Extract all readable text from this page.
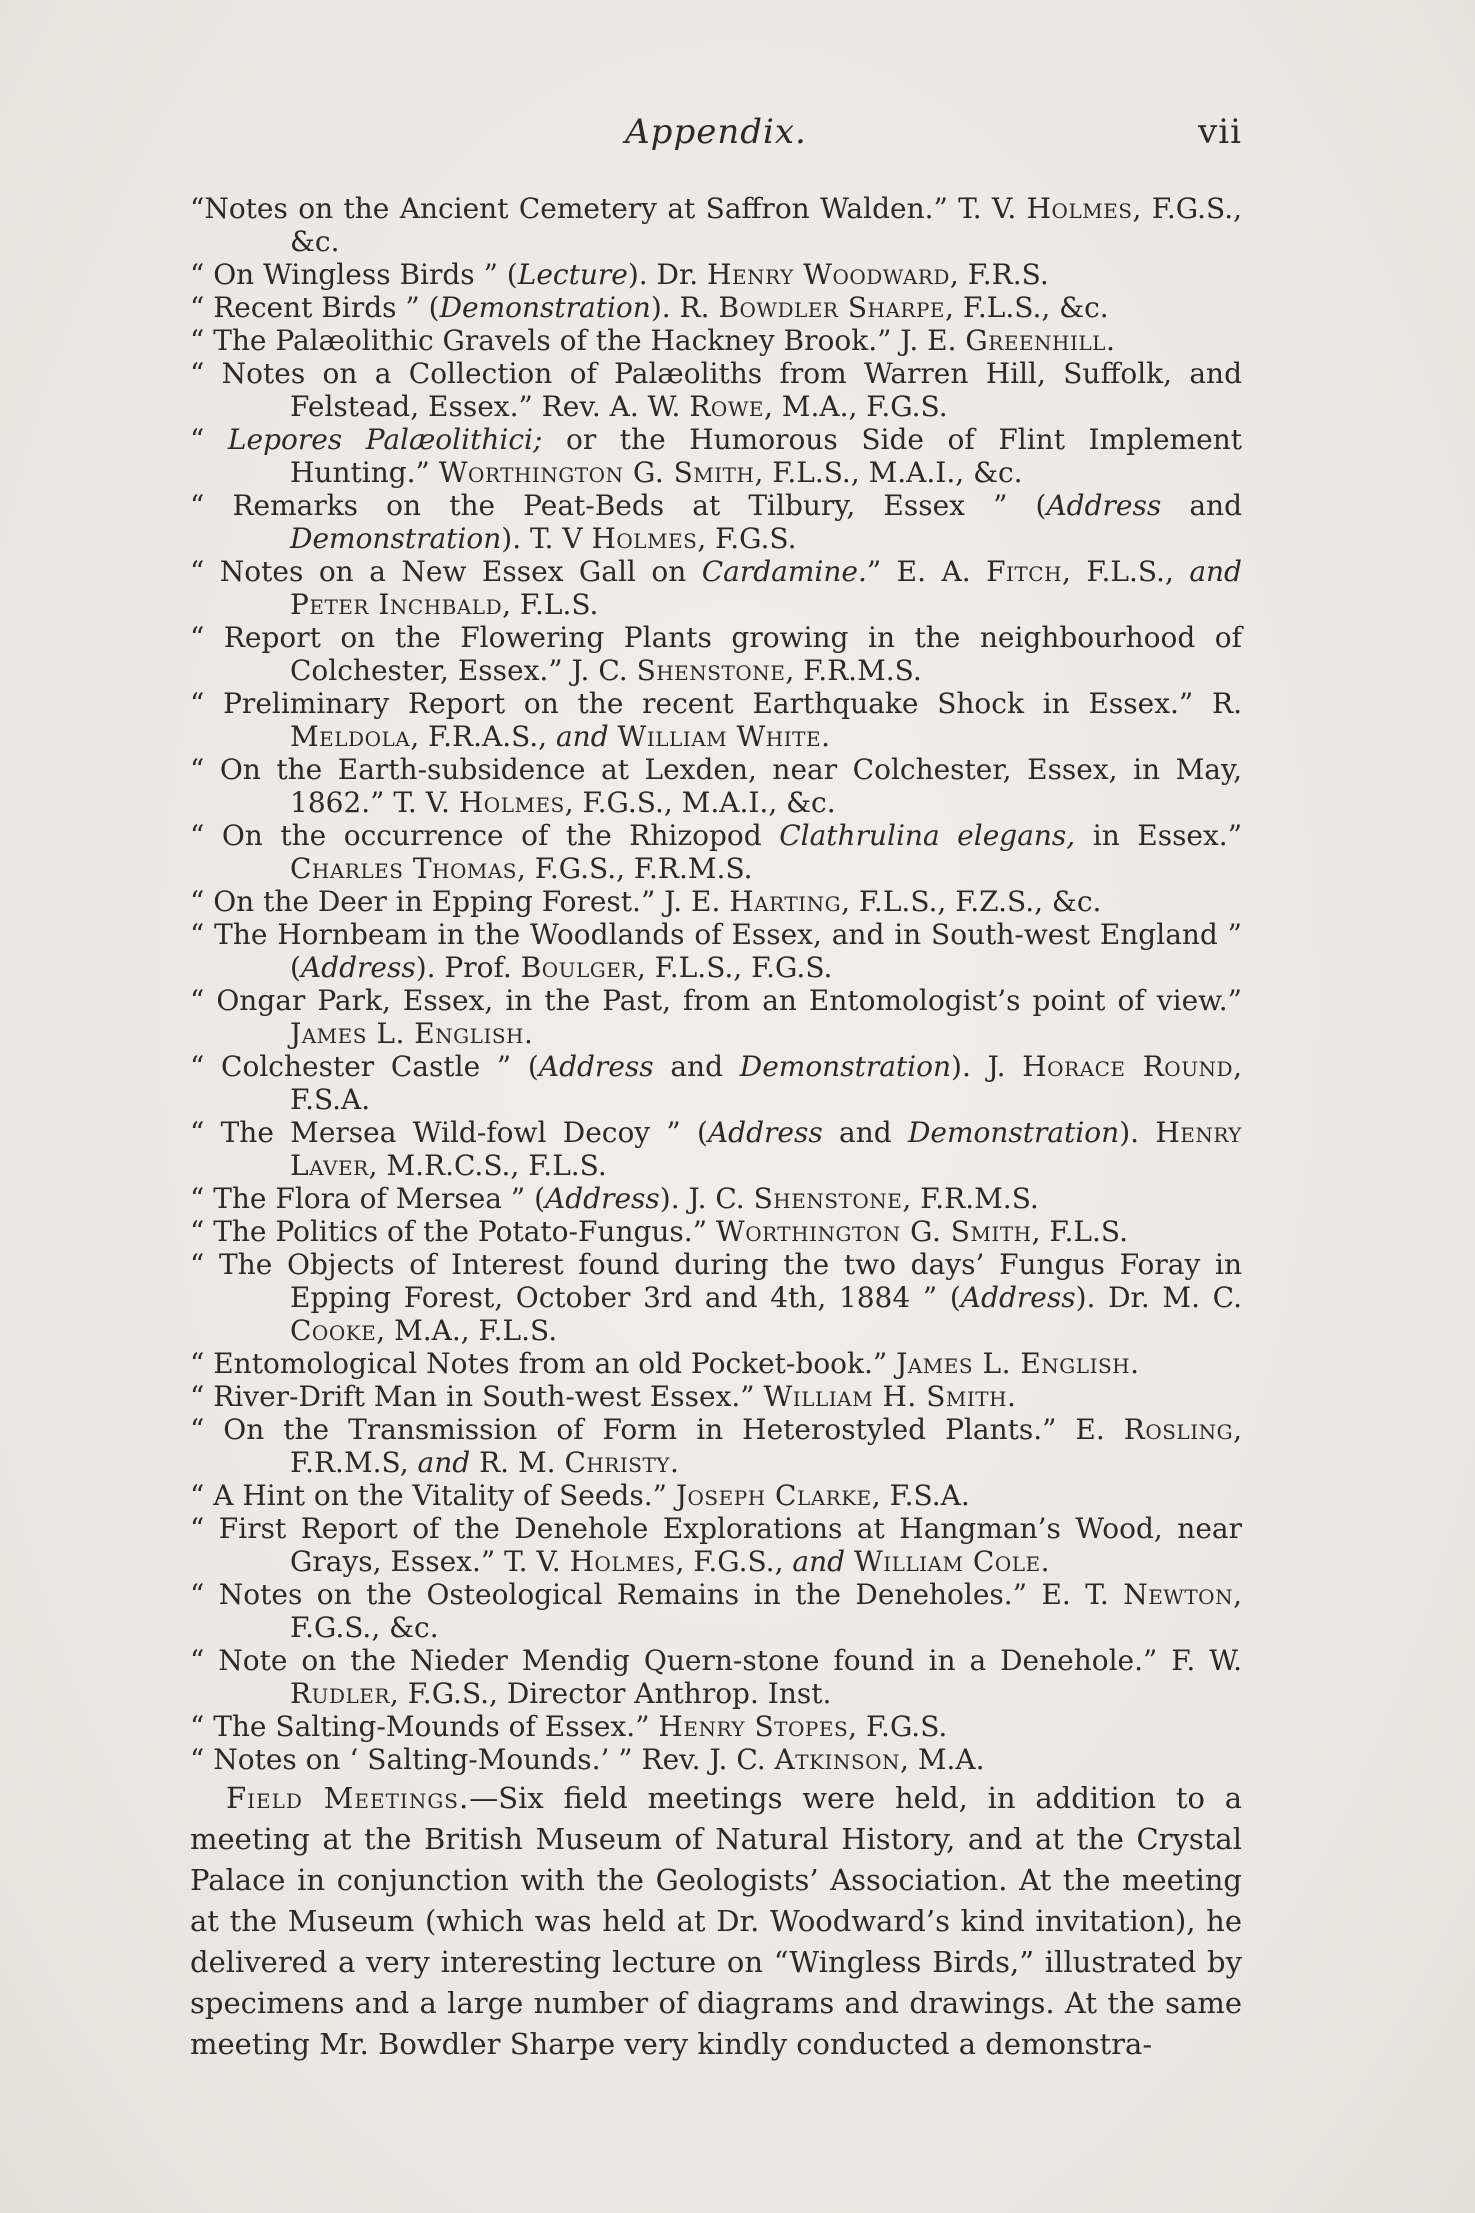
Appendix.	vii
“Notes on the Ancient Cemetery at Saffron Walden.” T. V. Holmes, F.G.S., &c.
“ On Wingless Birds ” (Lecture). Dr. Henry Woodward, F.R.S.
“ Recent Birds ” (Demonstration). R. Bowdler Sharpe, F.L.S., &c.
“ The Palæolithic Gravels of the Hackney Brook.” J. E. Greenhill.
“ Notes on a Collection of Palæoliths from Warren Hill, Suffolk, and Felstead, Essex.” Rev. A. W. Rowe, M.A., F.G.S.
“ Lepores Palæolithici; or the Humorous Side of Flint Implement Hunting.” Worthington G. Smith, F.L.S., M.A.I., &c.
“ Remarks on the Peat-Beds at Tilbury, Essex ” (Address and Demonstration). T. V Holmes, F.G.S.
“ Notes on a New Essex Gall on Cardamine.” E. A. Fitch, F.L.S., and Peter Inchbald, F.L.S.
“ Report on the Flowering Plants growing in the neighbourhood of Colchester, Essex.” J. C. Shenstone, F.R.M.S.
“ Preliminary Report on the recent Earthquake Shock in Essex.” R. Meldola, F.R.A.S., and William White.
“ On the Earth-subsidence at Lexden, near Colchester, Essex, in May, 1862.” T. V. Holmes, F.G.S., M.A.I., &c.
“ On the occurrence of the Rhizopod Clathrulina elegans, in Essex.” Charles Thomas, F.G.S., F.R.M.S.
“ On the Deer in Epping Forest.” J. E. Harting, F.L.S., F.Z.S., &c.
“ The Hornbeam in the Woodlands of Essex, and in South-west England ” (Address). Prof. Boulger, F.L.S., F.G.S.
“ Ongar Park, Essex, in the Past, from an Entomologist’s point of view.” James L. English.
“ Colchester Castle ” (Address and Demonstration). J. Horace Round, F.S.A.
“ The Mersea Wild-fowl Decoy ” (Address and Demonstration). Henry Laver, M.R.C.S., F.L.S.
“ The Flora of Mersea ” (Address). J. C. Shenstone, F.R.M.S.
“ The Politics of the Potato-Fungus.” Worthington G. Smith, F.L.S.
“ The Objects of Interest found during the two days’ Fungus Foray in Epping Forest, October 3rd and 4th, 1884 ” (Address). Dr. M. C. Cooke, M.A., F.L.S.
“ Entomological Notes from an old Pocket-book.” James L. English.
“ River-Drift Man in South-west Essex.” William H. Smith.
“ On the Transmission of Form in Heterostyled Plants.” E. Rosling, F.R.M.S, and R. M. Christy.
“ A Hint on the Vitality of Seeds.” Joseph Clarke, F.S.A.
“ First Report of the Denehole Explorations at Hangman’s Wood, near Grays, Essex.” T. V. Holmes, F.G.S., and William Cole.
“ Notes on the Osteological Remains in the Deneholes.” E. T. Newton, F.G.S., &c.
“ Note on the Nieder Mendig Quern-stone found in a Denehole.” F. W. Rudler, F.G.S., Director Anthrop. Inst.
“ The Salting-Mounds of Essex.” Henry Stopes, F.G.S.
“ Notes on ‘ Salting-Mounds.’ ” Rev. J. C. Atkinson, M.A.

Field Meetings.—Six field meetings were held, in addition to a meeting at the British Museum of Natural History, and at the Crystal Palace in conjunction with the Geologists’ Association. At the meeting at the Museum (which was held at Dr. Woodward’s kind invitation), he delivered a very interesting lecture on “Wingless Birds,” illustrated by specimens and a large number of diagrams and drawings. At the same meeting Mr. Bowdler Sharpe very kindly conducted a demonstra-
